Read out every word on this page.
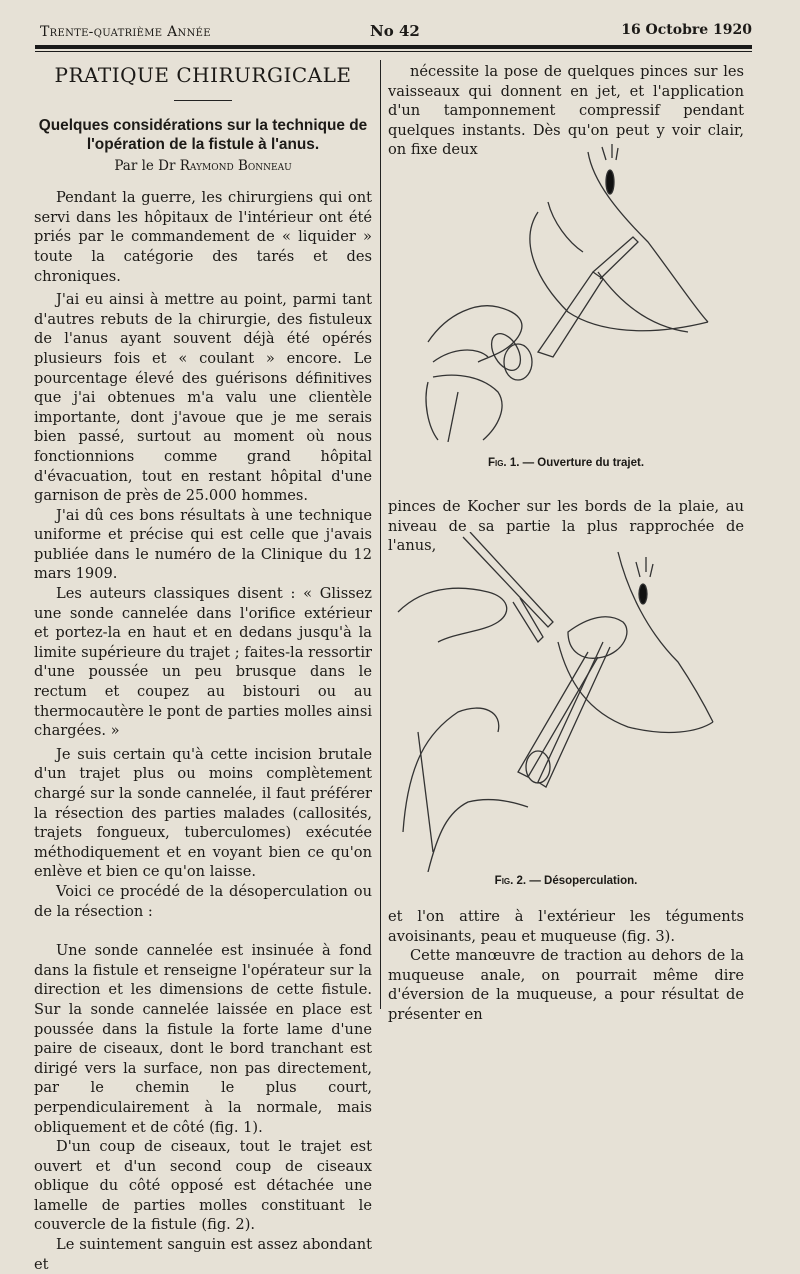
Trente-quatrième Année	No 42	16 Octobre 1920
PRATIQUE CHIRURGICALE
Quelques considérations sur la technique de l'opération de la fistule à l'anus.
Par le Dr Raymond Bonneau

Pendant la guerre, les chirurgiens qui ont servi dans les hôpitaux de l'intérieur ont été priés par le commandement de « liquider » toute la catégorie des tarés et des chroniques.

J'ai eu ainsi à mettre au point, parmi tant d'autres rebuts de la chirurgie, des fistuleux de l'anus ayant souvent déjà été opérés plusieurs fois et « coulant » encore. Le pourcentage élevé des guérisons définitives que j'ai obtenues m'a valu une clientèle importante, dont j'avoue que je me serais bien passé, surtout au moment où nous fonctionnions comme grand hôpital d'évacuation, tout en restant hôpital d'une garnison de près de 25.000 hommes.

J'ai dû ces bons résultats à une technique uniforme et précise qui est celle que j'avais publiée dans le numéro de la Clinique du 12 mars 1909.

Les auteurs classiques disent : « Glissez une sonde cannelée dans l'orifice extérieur et portez-la en haut et en dedans jusqu'à la limite supérieure du trajet ; faites-la ressortir d'une poussée un peu brusque dans le rectum et coupez au bistouri ou au thermocautère le pont de parties molles ainsi chargées. »

Je suis certain qu'à cette incision brutale d'un trajet plus ou moins complètement chargé sur la sonde cannelée, il faut préférer la résection des parties malades (callosités, trajets fongueux, tuberculomes) exécutée méthodiquement et en voyant bien ce qu'on enlève et bien ce qu'on laisse.

Voici ce procédé de la désoperculation ou de la résection :

Une sonde cannelée est insinuée à fond dans la fistule et renseigne l'opérateur sur la direction et les dimensions de cette fistule. Sur la sonde cannelée laissée en place est poussée dans la fistule la forte lame d'une paire de ciseaux, dont le bord tranchant est dirigé vers la surface, non pas directement, par le chemin le plus court, perpendiculairement à la normale, mais obliquement et de côté (fig. 1).

D'un coup de ciseaux, tout le trajet est ouvert et d'un second coup de ciseaux oblique du côté opposé est détachée une lamelle de parties molles constituant le couvercle de la fistule (fig. 2).

Le suintement sanguin est assez abondant et

nécessite la pose de quelques pinces sur les vaisseaux qui donnent en jet, et l'application d'un tamponnement compressif pendant quelques instants. Dès qu'on peut y voir clair, on fixe deux

Fig. 1. — Ouverture du trajet.

pinces de Kocher sur les bords de la plaie, au niveau de sa partie la plus rapprochée de l'anus,

Fig. 2. — Désoperculation.

et l'on attire à l'extérieur les téguments avoisinants, peau et muqueuse (fig. 3).

Cette manœuvre de traction au dehors de la muqueuse anale, on pourrait même dire d'éversion de la muqueuse, a pour résultat de présenter en
